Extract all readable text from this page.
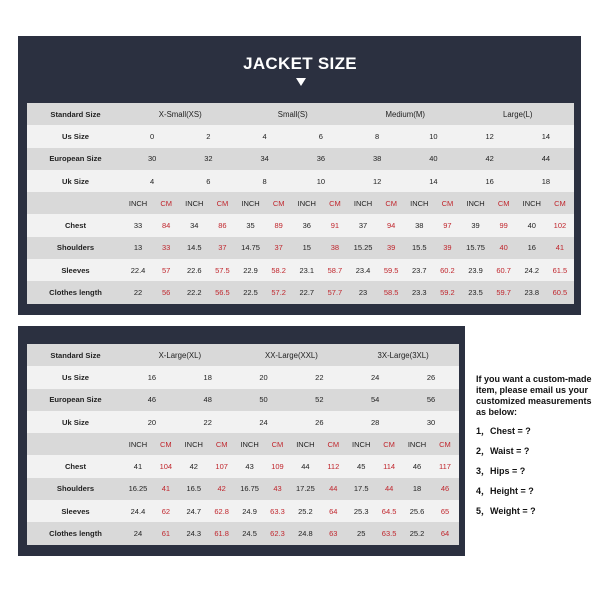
JACKET SIZE
Standard Size	X-Small(XS)				Small(S)				Medium(M)				Large(L)			
Us Size	0		2		4		6		8		10		12		14	
European Size	30		32		34		36		38		40		42		44	
Uk Size	4		6		8		10		12		14		16		18	
	INCH	CM	INCH	CM	INCH	CM	INCH	CM	INCH	CM	INCH	CM	INCH	CM	INCH	CM
Chest	33	84	34	86	35	89	36	91	37	94	38	97	39	99	40	102
Shoulders	13	33	14.5	37	14.75	37	15	38	15.25	39	15.5	39	15.75	40	16	41
Sleeves	22.4	57	22.6	57.5	22.9	58.2	23.1	58.7	23.4	59.5	23.7	60.2	23.9	60.7	24.2	61.5
Clothes length	22	56	22.2	56.5	22.5	57.2	22.7	57.7	23	58.5	23.3	59.2	23.5	59.7	23.8	60.5
Standard Size	X-Large(XL)				XX-Large(XXL)				3X-Large(3XL)			
Us Size	16		18		20		22		24		26	
European Size	46		48		50		52		54		56	
Uk Size	20		22		24		26		28		30	
	INCH	CM	INCH	CM	INCH	CM	INCH	CM	INCH	CM	INCH	CM
Chest	41	104	42	107	43	109	44	112	45	114	46	117
Shoulders	16.25	41	16.5	42	16.75	43	17.25	44	17.5	44	18	46
Sleeves	24.4	62	24.7	62.8	24.9	63.3	25.2	64	25.3	64.5	25.6	65
Clothes length	24	61	24.3	61.8	24.5	62.3	24.8	63	25	63.5	25.2	64
If you want a custom-made item, please email us your customized measurements as below:
1，Chest = ?
2，Waist = ?
3，Hips = ?
4，Height = ?
5，Weight = ?
